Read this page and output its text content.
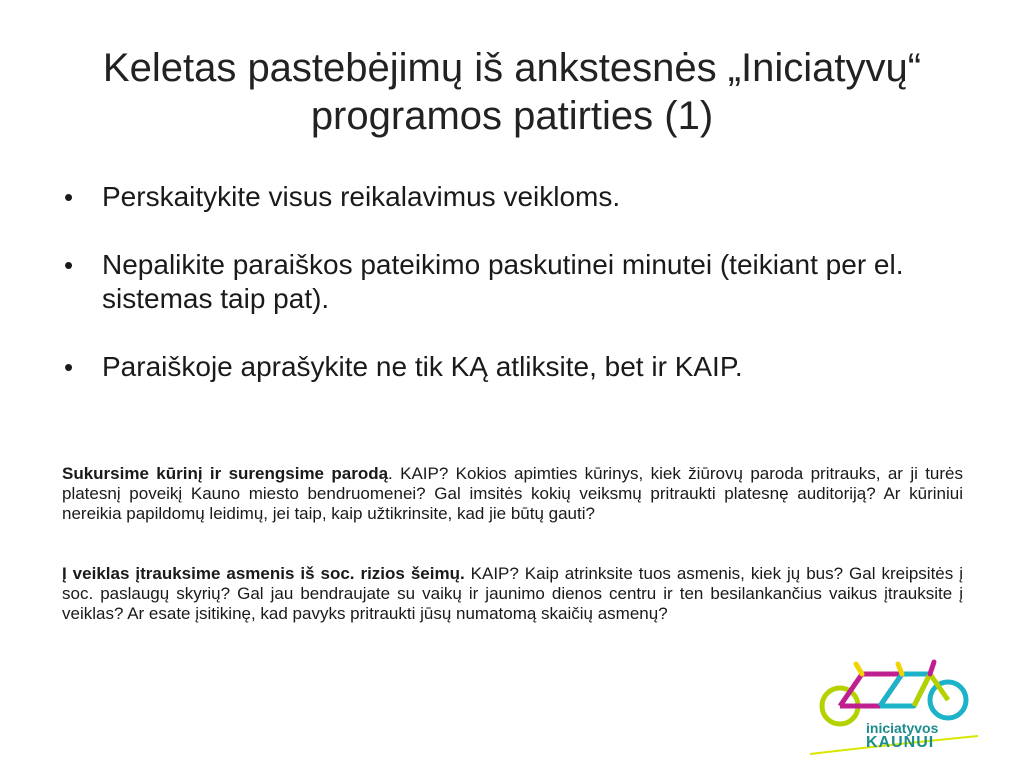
Keletas pastebėjimų iš ankstesnės „Iniciatyvų“ programos patirties (1)
• Perskaitykite visus reikalavimus veikloms.
• Nepalikite paraiškos pateikimo paskutinei minutei (teikiant per el. sistemas taip pat).
• Paraiškoje aprašykite ne tik KĄ atliksite, bet ir KAIP.

Sukursime kūrinį ir surengsime parodą. KAIP? Kokios apimties kūrinys, kiek žiūrovų paroda pritrauks, ar ji turės platesnį poveikį Kauno miesto bendruomenei? Gal imsitės kokių veiksmų pritraukti platesnę auditoriją? Ar kūriniui nereikia papildomų leidimų, jei taip, kaip užtikrinsite, kad jie būtų gauti?

Į veiklas įtrauksime asmenis iš soc. rizios šeimų. KAIP? Kaip atrinksite tuos asmenis, kiek jų bus? Gal kreipsitės į soc. paslaugų skyrių? Gal jau bendraujate su vaikų ir jaunimo dienos centru ir ten besilankančius vaikus įtrauksite į veiklas? Ar esate įsitikinę, kad pavyks pritraukti jūsų numatomą skaičių asmenų?

iniciatyvos
KAUNUI
